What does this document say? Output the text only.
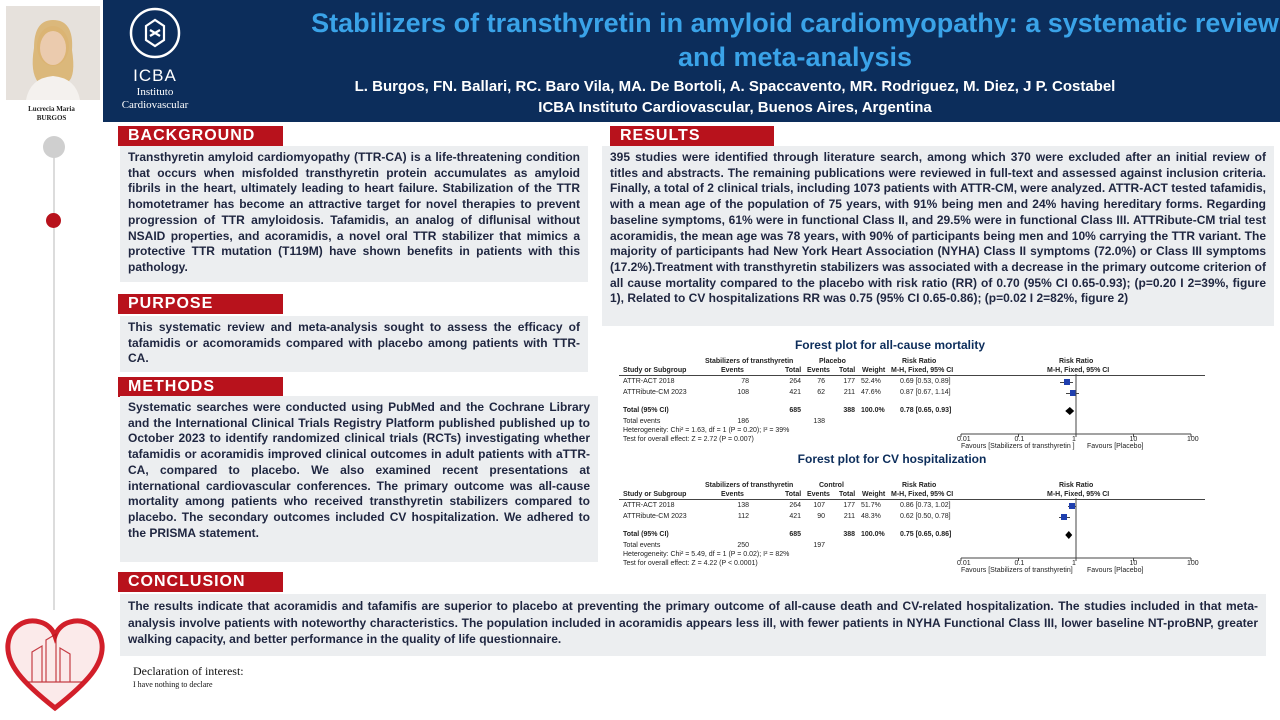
ICBA
Instituto
Cardiovascular
Stabilizers of transthyretin in amyloid cardiomyopathy: a systematic review and meta-analysis
L. Burgos, FN. Ballari, RC. Baro Vila, MA. De Bortoli, A. Spaccavento, MR. Rodriguez, M. Diez, J P. Costabel
ICBA Instituto Cardiovascular, Buenos Aires, Argentina
Lucrecia Maria
BURGOS
BACKGROUND
Transthyretin amyloid cardiomyopathy (TTR-CA) is a life-threatening condition that occurs when misfolded transthyretin protein accumulates as amyloid fibrils in the heart, ultimately leading to heart failure. Stabilization of the TTR homotetramer has become an attractive target for novel therapies to prevent progression of TTR amyloidosis. Tafamidis, an analog of diflunisal without NSAID properties, and acoramidis, a novel oral TTR stabilizer that mimics a protective TTR mutation (T119M) have shown benefits in patients with this pathology.
PURPOSE
This systematic review and meta-analysis sought to assess the efficacy of tafamidis or acomoramids compared with placebo among patients with TTR-CA.
METHODS
Systematic searches were conducted using PubMed and the Cochrane Library and the International Clinical Trials Registry Platform published published up to October 2023 to identify randomized clinical trials (RCTs) investigating whether tafamidis or acoramidis improved clinical outcomes in adult patients with aTTR-CA, compared to placebo. We also examined recent presentations at international cardiovascular conferences. The primary outcome was all-cause mortality among patients who received transthyretin stabilizers compared to placebo. The secondary outcomes included CV hospitalization. We adhered to the PRISMA statement.
RESULTS
395 studies were identified through literature search, among which 370 were excluded after an initial review of titles and abstracts. The remaining publications were reviewed in full-text and assessed against inclusion criteria. Finally, a total of 2 clinical trials, including 1073 patients with ATTR-CM, were analyzed. ATTR-ACT tested tafamidis, with a mean age of the population of 75 years, with 91% being men and 24% having hereditary forms. Regarding baseline symptoms, 61% were in functional Class II, and 29.5% were in functional Class III. ATTRibute-CM trial test acoramidis, the mean age was 78 years, with 90% of participants being men and 10% carrying the TTR variant. The majority of participants had New York Heart Association (NYHA) Class II symptoms (72.0%) or Class III symptoms (17.2%).Treatment with transthyretin stabilizers was associated with a decrease in the primary outcome criterion of all cause mortality compared to the placebo with risk ratio (RR) of 0.70 (95% CI 0.65-0.93); (p=0.20 I 2=39%, figure 1), Related to CV hospitalizations RR was 0.75 (95% CI 0.65-0.86); (p=0.02 I 2=82%, figure 2)
Forest plot for all-cause mortality
Stabilizers of transthyretin	Placebo	Risk Ratio	Risk Ratio
Study or Subgroup	Events	Total Events Total Weight M-H, Fixed, 95% CI	M-H, Fixed, 95% CI
ATTR-ACT 2018	78	264	76	177 52.4%	0.69 [0.53, 0.89]
ATTRibute-CM 2023	108	421	62	211 47.6%	0.87 [0.67, 1.14]
Total (95% CI)	685	388 100.0% 0.78 [0.65, 0.93]
0.01	0.1	1	10	100
Total events	186	138
Heterogeneity: Chi² = 1.63, df = 1 (P = 0.20); I² = 39%
Test for overall effect: Z = 2.72 (P = 0.007)
Favours [Stabilizers of transthyretin ] Favours [Placebo]
Forest plot for CV hospitalization
Stabilizers of transthyretin	Control	Risk Ratio	Risk Ratio
Study or Subgroup	Events	Total Events Total Weight M-H, Fixed, 95% CI	M-H, Fixed, 95% CI
ATTR-ACT 2018	138	264	107	177 51.7%	0.86 [0.73, 1.02]
ATTRibute-CM 2023	112	421	90	211 48.3%	0.62 [0.50, 0.78]
Total (95% CI)	685	388 100.0% 0.75 [0.65, 0.86]
0.01	0.1	1	10	100
Total events	250	197
Heterogeneity: Chi² = 5.49, df = 1 (P = 0.02); I² = 82%
Test for overall effect: Z = 4.22 (P < 0.0001)
Favours [Stabilizers of transthyretin] Favours [Placebo]
CONCLUSION
The results indicate that acoramidis and tafamifis are superior to placebo at preventing the primary outcome of all-cause death and CV-related hospitalization. The studies included in that meta-analysis involve patients with noteworthy characteristics. The population included in acoramidis appears less ill, with fewer patients in NYHA Functional Class III, lower baseline NT-proBNP, greater walking capacity, and better performance in the quality of life questionnaire.
Declaration of interest:
I have nothing to declare
